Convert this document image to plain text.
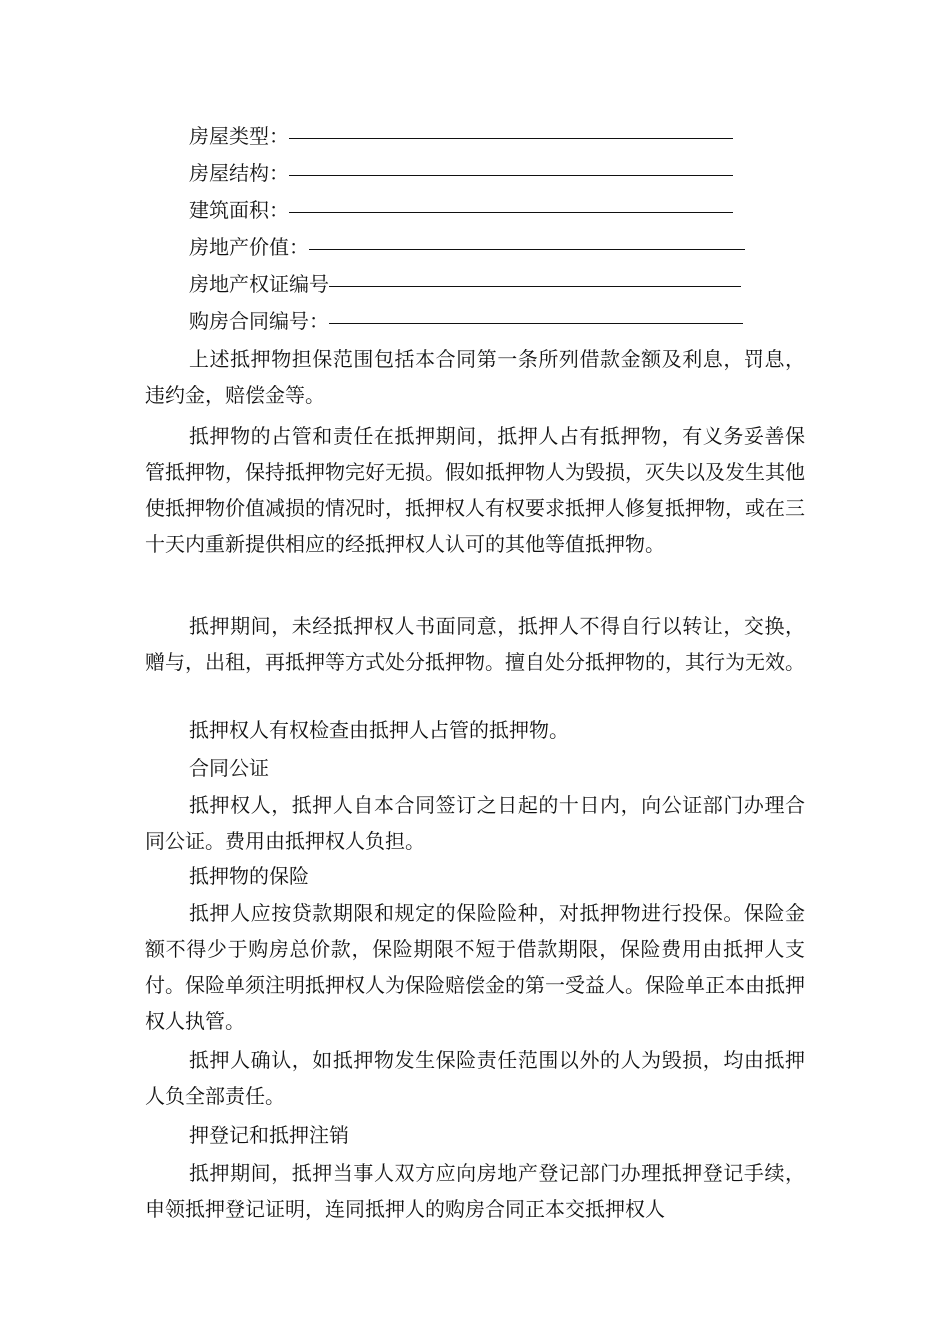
房屋类型：
房屋结构：
建筑面积：
房地产价值：
房地产权证编号
购房合同编号：

上述抵押物担保范围包括本合同第一条所列借款金额及利息，罚息，违约金，赔偿金等。

抵押物的占管和责任在抵押期间，抵押人占有抵押物，有义务妥善保管抵押物，保持抵押物完好无损。假如抵押物人为毁损，灭失以及发生其他使抵押物价值减损的情况时，抵押权人有权要求抵押人修复抵押物，或在三十天内重新提供相应的经抵押权人认可的其他等值抵押物。

抵押期间，未经抵押权人书面同意，抵押人不得自行以转让，交换，赠与，出租，再抵押等方式处分抵押物。擅自处分抵押物的，其行为无效。

抵押权人有权检查由抵押人占管的抵押物。

合同公证

抵押权人，抵押人自本合同签订之日起的十日内，向公证部门办理合同公证。费用由抵押权人负担。

抵押物的保险

抵押人应按贷款期限和规定的保险险种，对抵押物进行投保。保险金额不得少于购房总价款，保险期限不短于借款期限，保险费用由抵押人支付。保险单须注明抵押权人为保险赔偿金的第一受益人。保险单正本由抵押权人执管。

抵押人确认，如抵押物发生保险责任范围以外的人为毁损，均由抵押人负全部责任。

押登记和抵押注销

抵押期间，抵押当事人双方应向房地产登记部门办理抵押登记手续，申领抵押登记证明，连同抵押人的购房合同正本交抵押权人
